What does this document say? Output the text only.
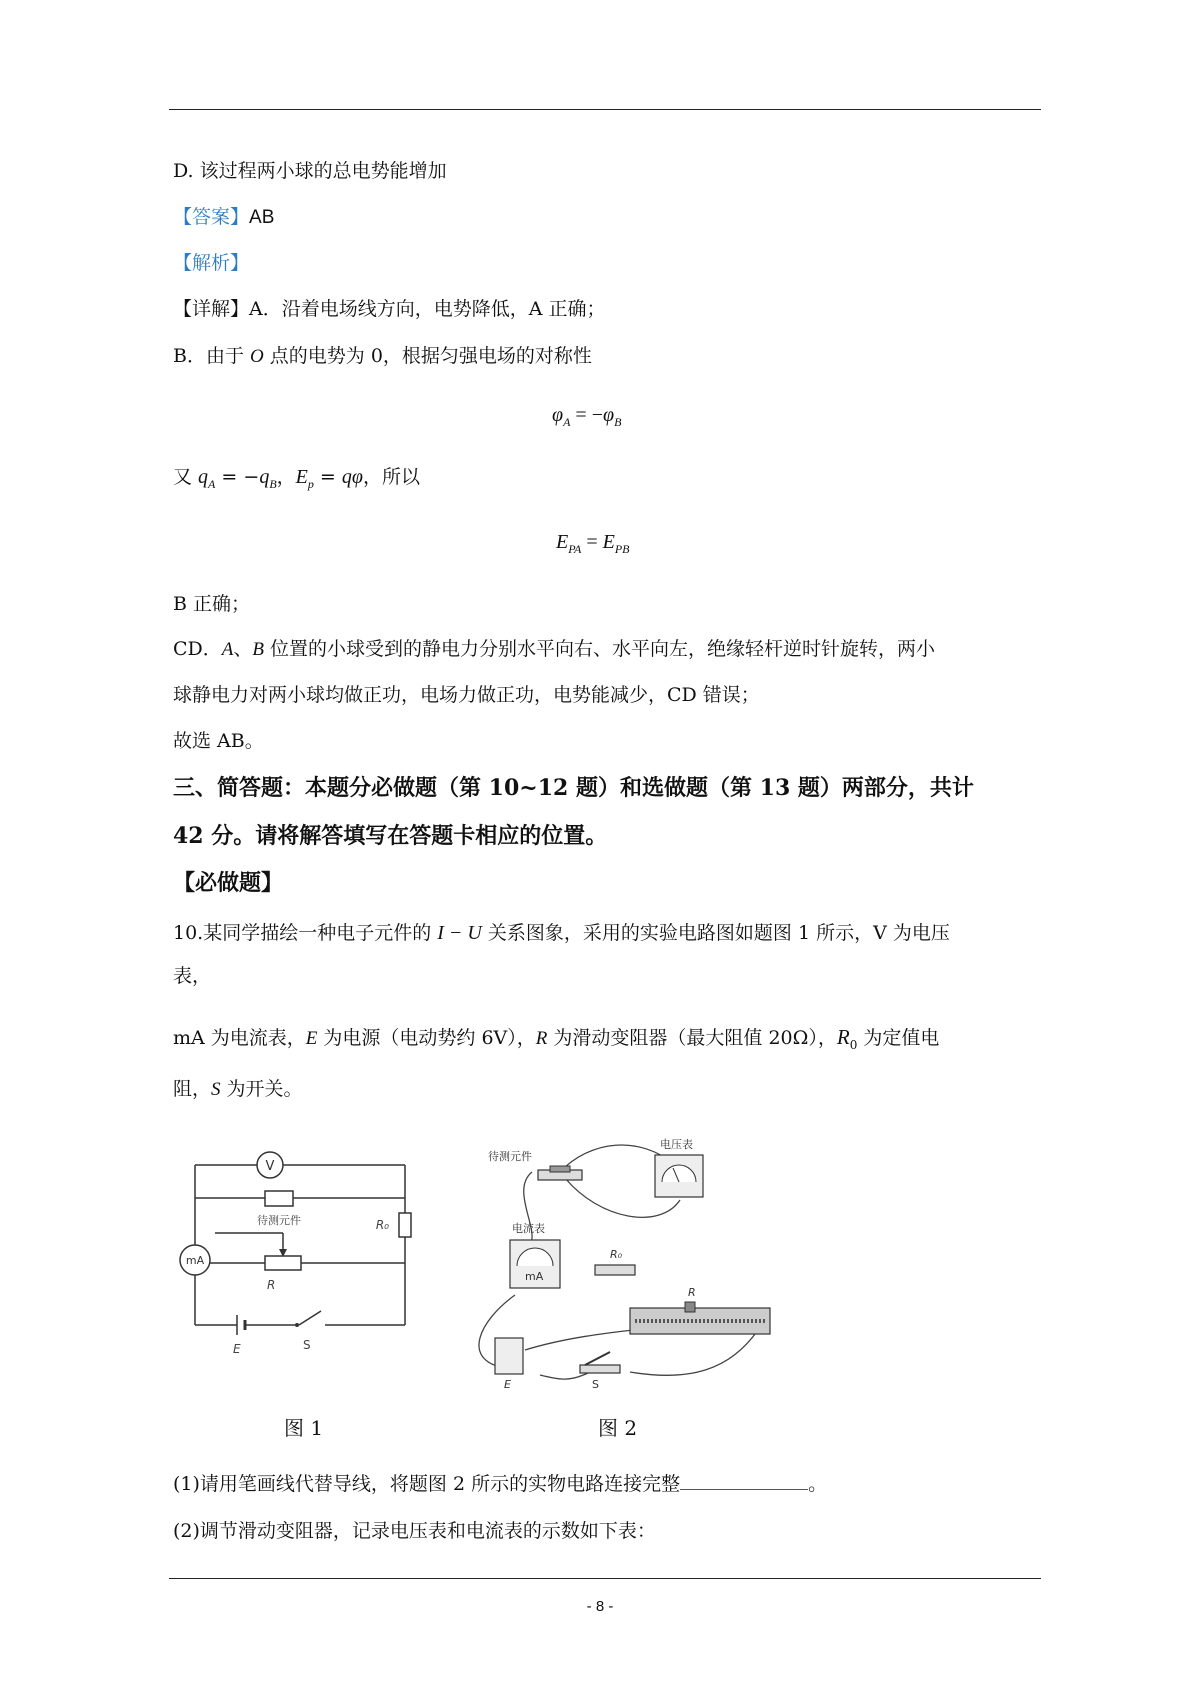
D. 该过程两小球的总电势能增加
【答案】AB
【解析】
【详解】A．沿着电场线方向，电势降低，A 正确；
B．由于 O 点的电势为 0，根据匀强电场的对称性
$\varphi_A = -\varphi_B$
又 $q_A = -q_B$，$E_p = q\varphi$，所以
$E_{PA} = E_{PB}$
B 正确；
CD．A、B 位置的小球受到的静电力分别水平向右、水平向左，绝缘轻杆逆时针旋转，两小
球静电力对两小球均做正功，电场力做正功，电势能减少，CD 错误；
故选 AB。
三、简答题：本题分必做题（第 10~12 题）和选做题（第 13 题）两部分，共计
42 分。请将解答填写在答题卡相应的位置。
【必做题】
10.某同学描绘一种电子元件的 I − U 关系图象，采用的实验电路图如题图 1 所示，V 为电压
表，
mA 为电流表，E 为电源（电动势约 6V），R 为滑动变阻器（最大阻值 20Ω），$R_0$ 为定值电
阻，S 为开关。
V
待测元件	R₀
mA
R
E	S
待测元件
电压表
mA
电流表
R₀
R
E	S
图 1	图 2
(1)请用笔画线代替导线，将题图 2 所示的实物电路连接完整	。
(2)调节滑动变阻器，记录电压表和电流表的示数如下表：
- 8 -
